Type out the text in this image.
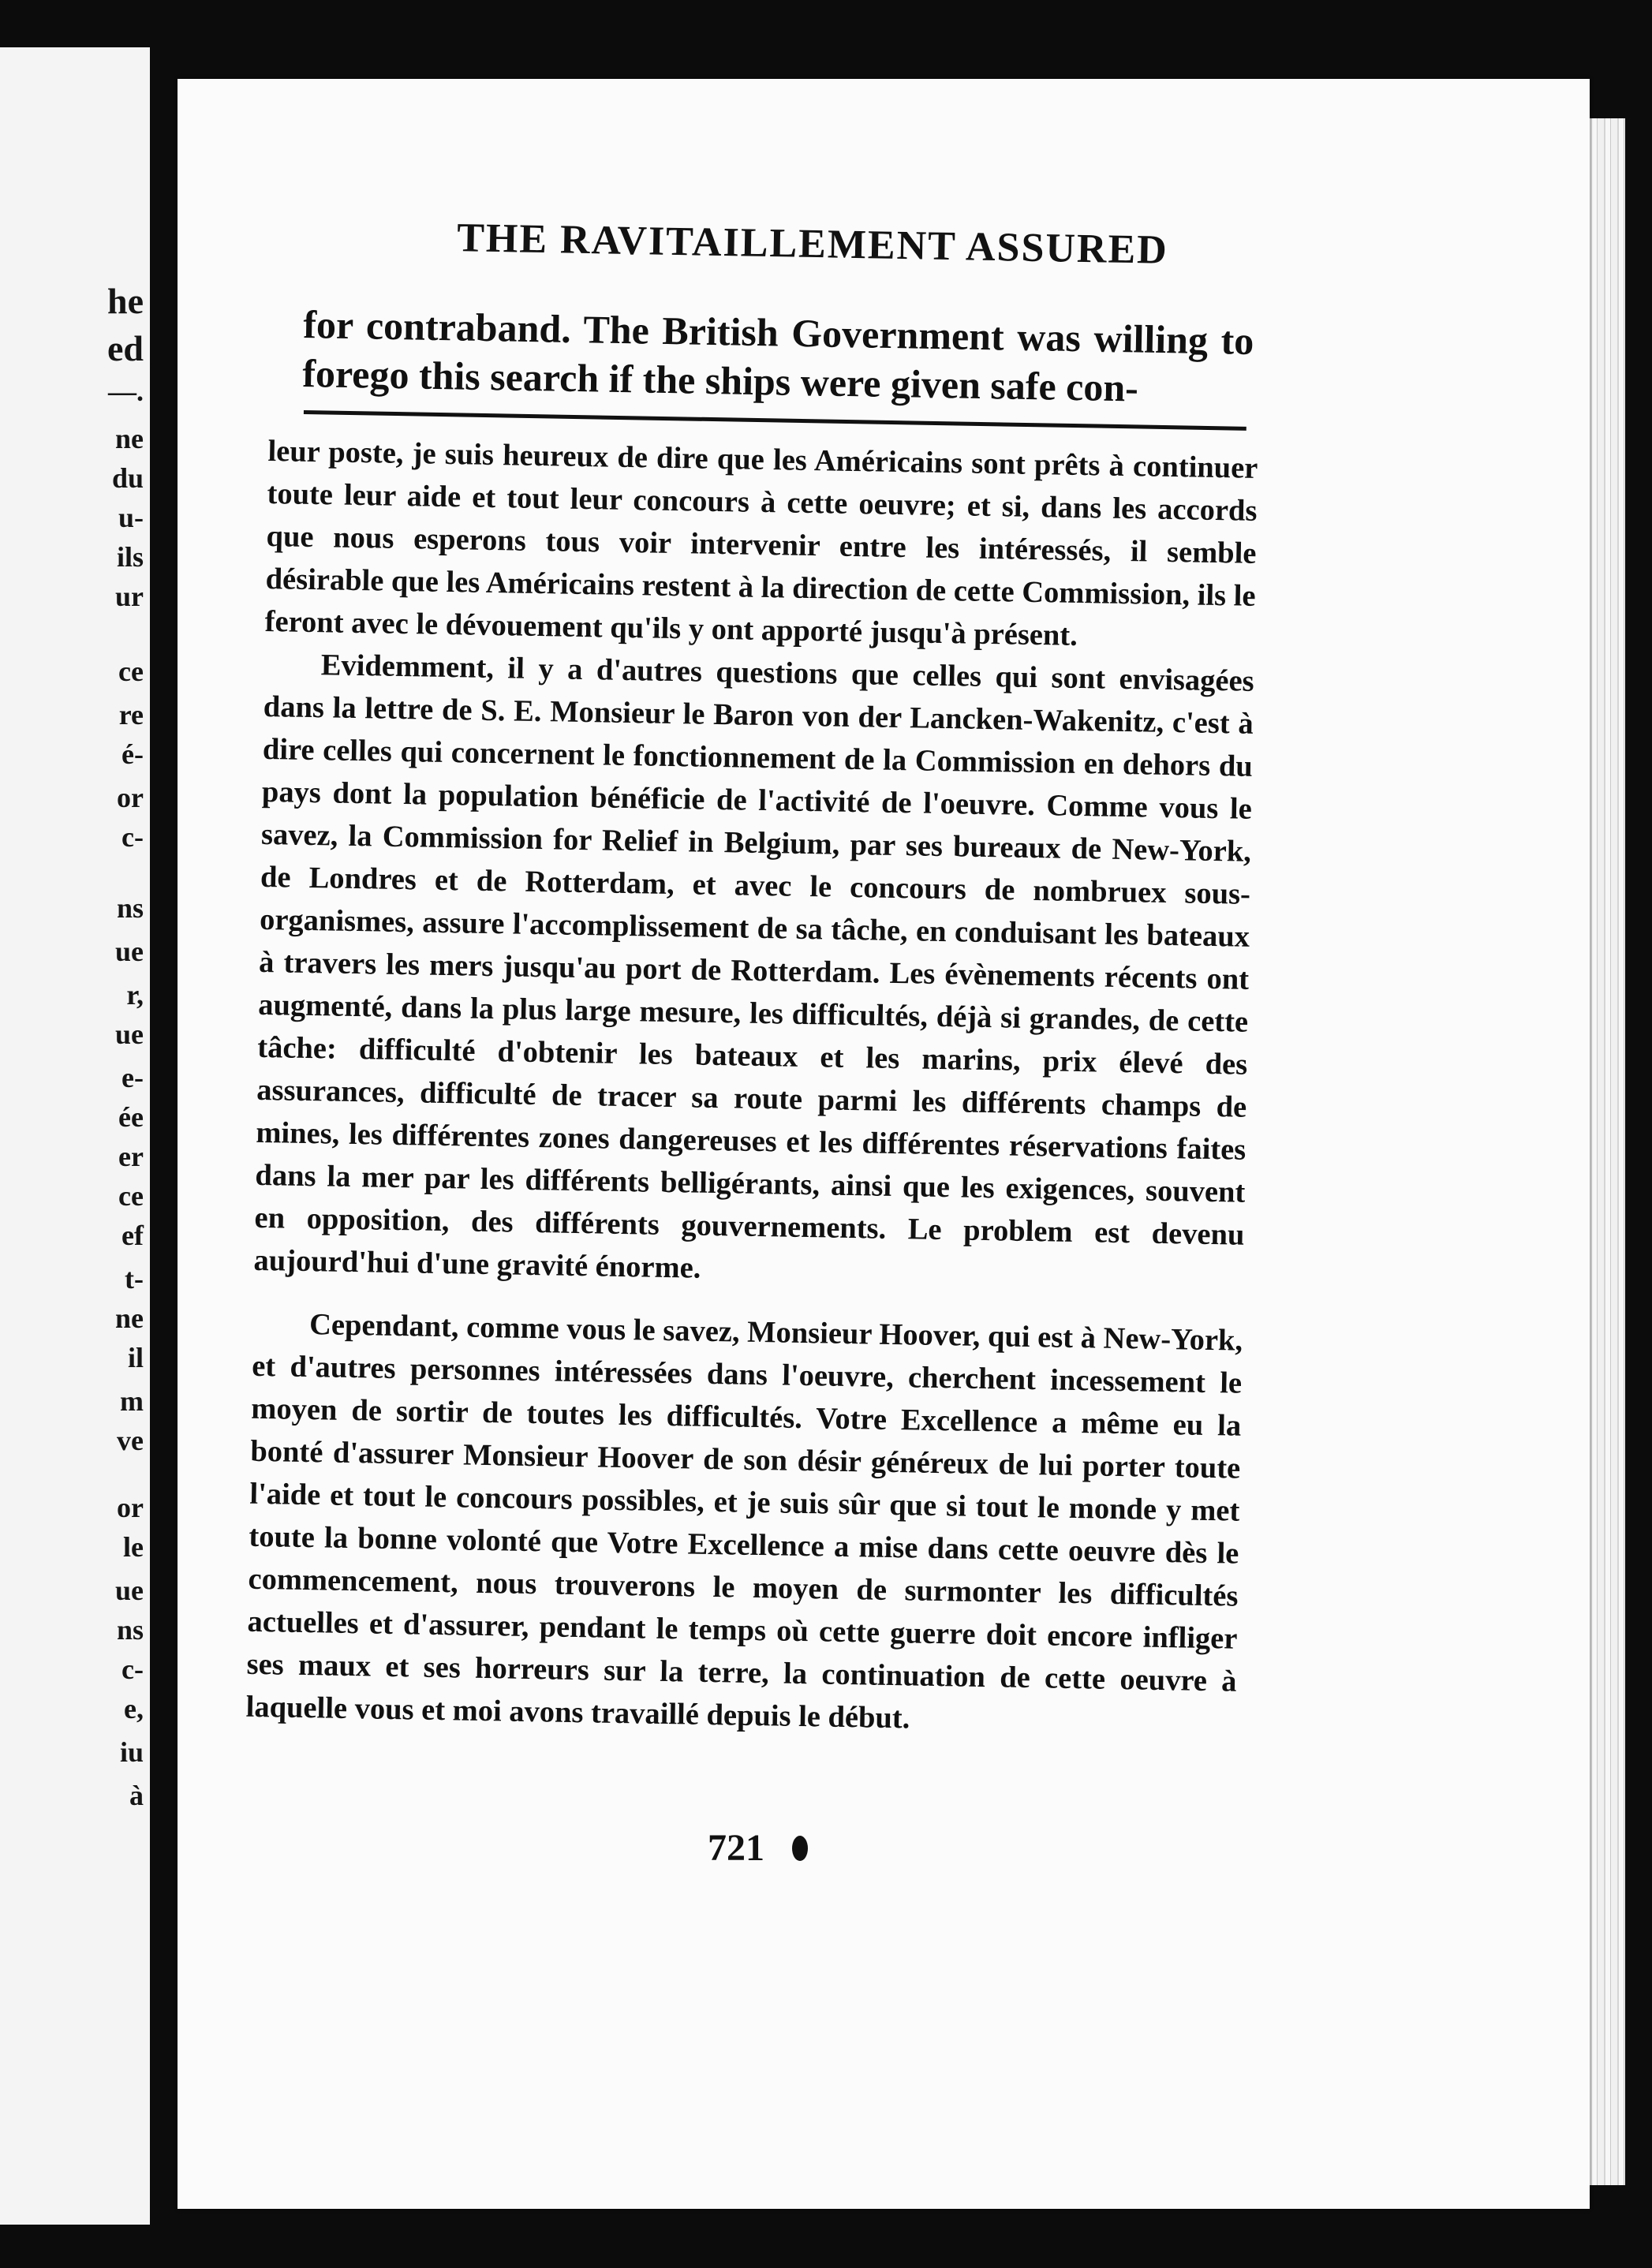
he
ed
—.
ne
du
u-
ils
ur
ce
re
é-
or
c-
ns
ue
r,
ue
e-
ée
er
ce
ef
t-
ne
il
m
ve
or
le
ue
ns
c-
e,
iu
à
THE RAVITAILLEMENT ASSURED
for contraband. The British Government was willing to forego this search if the ships were given safe con-

leur poste, je suis heureux de dire que les Américains sont prêts à continuer toute leur aide et tout leur concours à cette oeuvre; et si, dans les accords que nous esperons tous voir intervenir entre les intéressés, il semble désirable que les Américains restent à la direction de cette Commission, ils le feront avec le dévouement qu'ils y ont apporté jusqu'à présent.

Evidemment, il y a d'autres questions que celles qui sont envisagées dans la lettre de S. E. Monsieur le Baron von der Lancken-Wakenitz, c'est à dire celles qui concernent le fonctionnement de la Commission en dehors du pays dont la population bénéficie de l'activité de l'oeuvre. Comme vous le savez, la Commission for Relief in Belgium, par ses bureaux de New-York, de Londres et de Rotterdam, et avec le concours de nombruex sous-organismes, assure l'accomplissement de sa tâche, en conduisant les bateaux à travers les mers jusqu'au port de Rotterdam. Les évènements récents ont augmenté, dans la plus large mesure, les difficultés, déjà si grandes, de cette tâche: difficulté d'obtenir les bateaux et les marins, prix élevé des assurances, difficulté de tracer sa route parmi les différents champs de mines, les différentes zones dangereuses et les différentes réservations faites dans la mer par les différents belligérants, ainsi que les exigences, souvent en opposition, des différents gouvernements. Le problem est devenu aujourd'hui d'une gravité énorme.

Cependant, comme vous le savez, Monsieur Hoover, qui est à New-York, et d'autres personnes intéressées dans l'oeuvre, cherchent incessement le moyen de sortir de toutes les difficultés. Votre Excellence a même eu la bonté d'assurer Monsieur Hoover de son désir généreux de lui porter toute l'aide et tout le concours possibles, et je suis sûr que si tout le monde y met toute la bonne volonté que Votre Excellence a mise dans cette oeuvre dès le commencement, nous trouverons le moyen de surmonter les difficultés actuelles et d'assurer, pendant le temps où cette guerre doit encore infliger ses maux et ses horreurs sur la terre, la continuation de cette oeuvre à laquelle vous et moi avons travaillé depuis le début.

721
